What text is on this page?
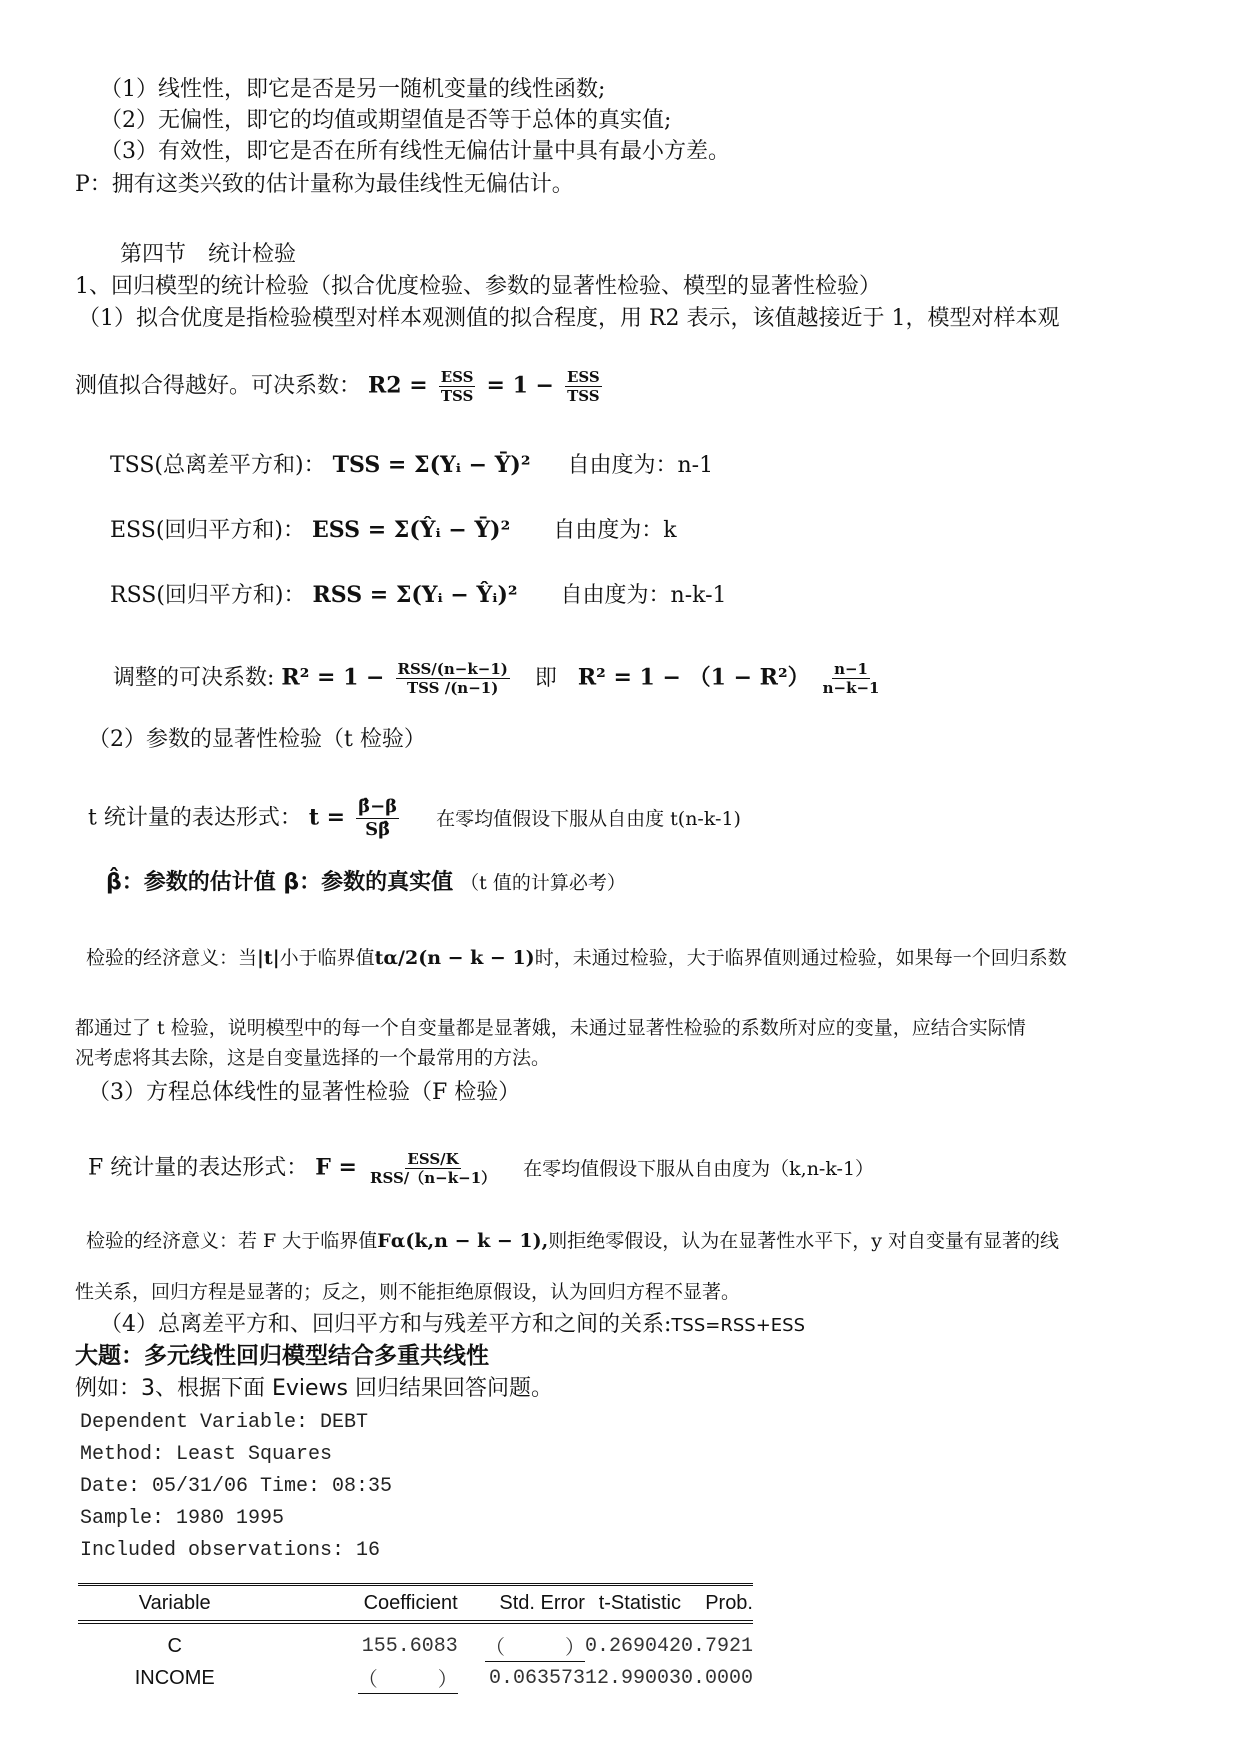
（1）线性性，即它是否是另一随机变量的线性函数;
（2）无偏性，即它的均值或期望值是否等于总体的真实值;
（3）有效性，即它是否在所有线性无偏估计量中具有最小方差。
P：拥有这类兴致的估计量称为最佳线性无偏估计。
第四节　统计检验
1、回归模型的统计检验（拟合优度检验、参数的显著性检验、模型的显著性检验）
（1）拟合优度是指检验模型对样本观测值的拟合程度，用 R2 表示，该值越接近于 1，模型对样本观
测值拟合得越好。可决系数： $R2 = \frac{\text{ESS}}{\text{TSS}} = 1 - \frac{\text{ESS}}{\text{TSS}}$
TSS(总离差平方和)： TSS = Σ(Yᵢ − Ȳ)² 自由度为：n-1
ESS(回归平方和)： ESS = Σ(Ŷᵢ − Ȳ)² 自由度为：k
RSS(回归平方和)： RSS = Σ(Yᵢ − Ŷᵢ)² 自由度为：n-k-1
调整的可决系数: $R^2 = 1 - \frac{\text{RSS/(n−k−1)}}{\text{TSS /(n−1)}}$ 即 $R^2 = 1 - (1 - R^2) \frac{n-1}{n-k-1}$
（2）参数的显著性检验（t 检验）
t 统计量的表达形式： $t = \frac{\betâ-\beta}{S\betâ}$ 在零均值假设下服从自由度 t(n-k-1)
β̂：参数的估计值 β：参数的真实值 （t 值的计算必考）
检验的经济意义：当|t|小于临界值tα/2(n − k − 1)时，未通过检验，大于临界值则通过检验，如果每一个回归系数
都通过了 t 检验，说明模型中的每一个自变量都是显著娥，未通过显著性检验的系数所对应的变量，应结合实际情
况考虑将其去除，这是自变量选择的一个最常用的方法。
（3）方程总体线性的显著性检验（F 检验）
F 统计量的表达形式： $F = \frac{\text{ESS/K}}{\text{RSS/（n−k−1）}}$ 在零均值假设下服从自由度为（k,n-k-1）
检验的经济意义：若 F 大于临界值Fα(k,n − k − 1),则拒绝零假设，认为在显著性水平下，y 对自变量有显著的线
性关系，回归方程是显著的；反之，则不能拒绝原假设，认为回归方程不显著。
（4）总离差平方和、回归平方和与残差平方和之间的关系:TSS=RSS+ESS
大题：多元线性回归模型结合多重共线性
例如：3、根据下面 Eviews 回归结果回答问题。
Dependent Variable: DEBT
Method: Least Squares
Date: 05/31/06 Time: 08:35
Sample: 1980 1995
Included observations: 16
Variable	Coefficient	Std. Error	t-Statistic	Prob.
C	155.6083	（　　　）	0.269042	0.7921
INCOME	（　　　）	0.063573	12.99003	0.0000
